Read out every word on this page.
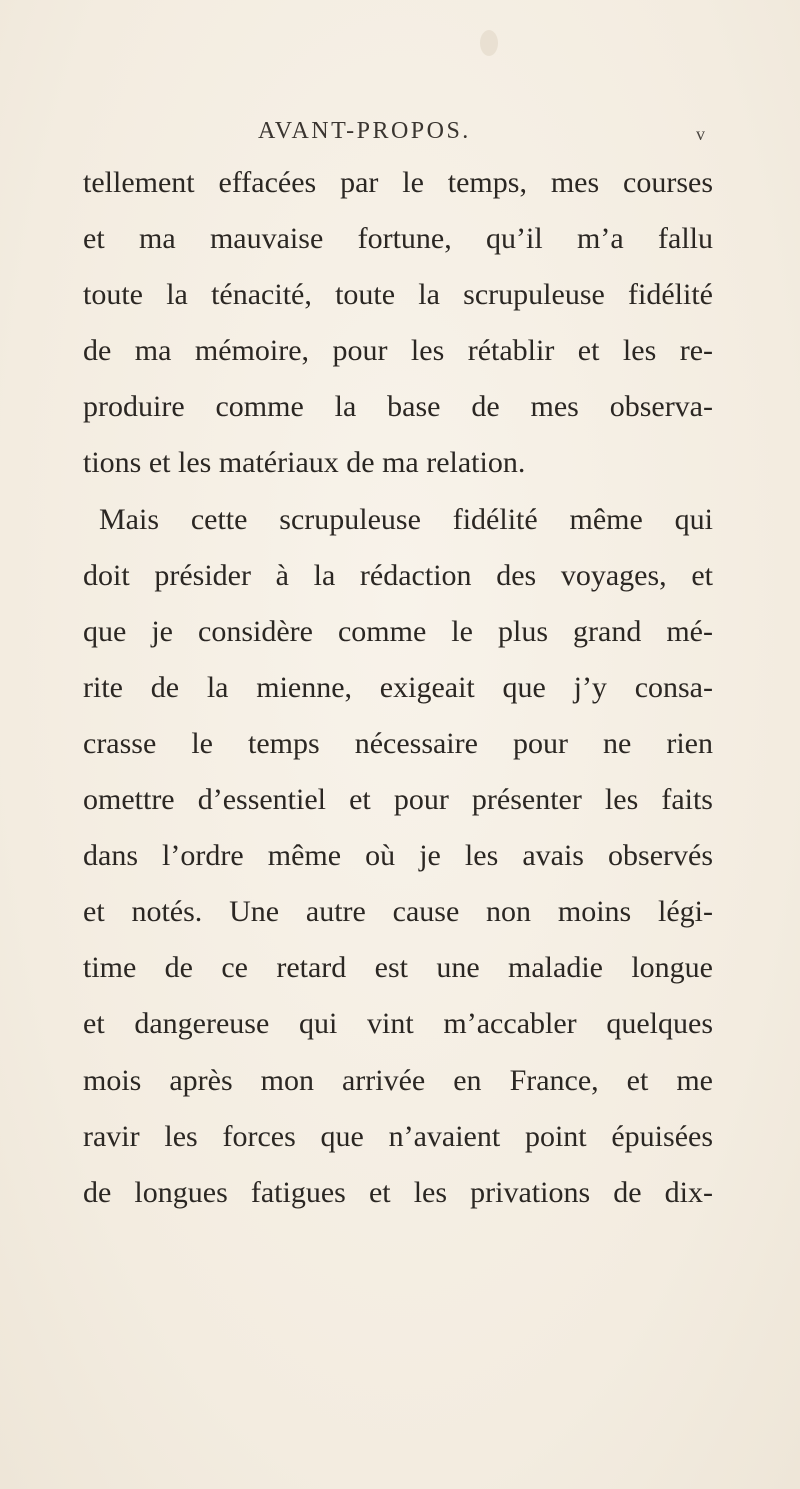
AVANT-PROPOS.	v
tellement effacées par le temps, mes courses
et ma mauvaise fortune, qu’il m’a fallu
toute la ténacité, toute la scrupuleuse fidélité
de ma mémoire, pour les rétablir et les re-
produire comme la base de mes observa-
tions et les matériaux de ma relation.
Mais cette scrupuleuse fidélité même qui
doit présider à la rédaction des voyages, et
que je considère comme le plus grand mé-
rite de la mienne, exigeait que j’y consa-
crasse le temps nécessaire pour ne rien
omettre d’essentiel et pour présenter les faits
dans l’ordre même où je les avais observés
et notés. Une autre cause non moins légi-
time de ce retard est une maladie longue
et dangereuse qui vint m’accabler quelques
mois après mon arrivée en France, et me
ravir les forces que n’avaient point épuisées
de longues fatigues et les privations de dix-
